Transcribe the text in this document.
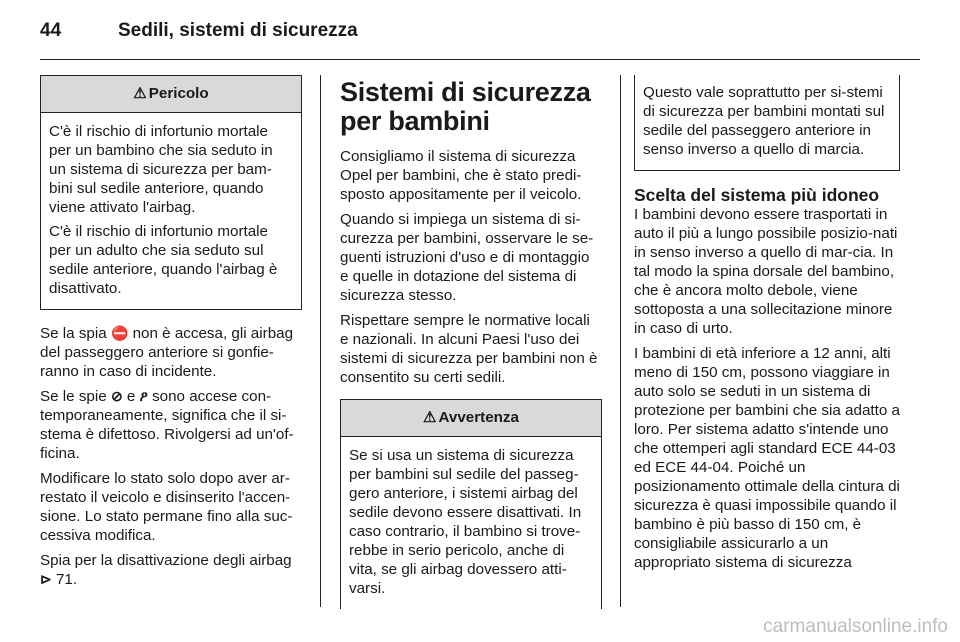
44	Sedili, sistemi di sicurezza
⚠ Pericolo

C'è il rischio di infortunio mortale per un bambino che sia seduto in un sistema di sicurezza per bam-bini sul sedile anteriore, quando viene attivato l'airbag.

C'è il rischio di infortunio mortale per un adulto che sia seduto sul sedile anteriore, quando l'airbag è disattivato.

Se la spia ⛔ non è accesa, gli airbag del passeggero anteriore si gonfie-ranno in caso di incidente.

Se le spie ⊘ e ዖ sono accese con-temporaneamente, significa che il si-stema è difettoso. Rivolgersi ad un'of-ficina.

Modificare lo stato solo dopo aver ar-restato il veicolo e disinserito l'accen-sione. Lo stato permane fino alla suc-cessiva modifica.

Spia per la disattivazione degli airbag
⊳ 71.

Sistemi di sicurezza per bambini

Consigliamo il sistema di sicurezza Opel per bambini, che è stato predi-sposto appositamente per il veicolo.

Quando si impiega un sistema di si-curezza per bambini, osservare le se-guenti istruzioni d'uso e di montaggio e quelle in dotazione del sistema di sicurezza stesso.

Rispettare sempre le normative locali e nazionali. In alcuni Paesi l'uso dei sistemi di sicurezza per bambini non è consentito su certi sedili.

⚠ Avvertenza

Se si usa un sistema di sicurezza per bambini sul sedile del passeg-gero anteriore, i sistemi airbag del sedile devono essere disattivati. In caso contrario, il bambino si trove-rebbe in serio pericolo, anche di vita, se gli airbag dovessero atti-varsi.

Questo vale soprattutto per si-stemi di sicurezza per bambini montati sul sedile del passeggero anteriore in senso inverso a quello di marcia.

Scelta del sistema più idoneo

I bambini devono essere trasportati in auto il più a lungo possibile posizio-nati in senso inverso a quello di mar-cia. In tal modo la spina dorsale del bambino, che è ancora molto debole, viene sottoposta a una sollecitazione minore in caso di urto.

I bambini di età inferiore a 12 anni, alti meno di 150 cm, possono viaggiare in auto solo se seduti in un sistema di protezione per bambini che sia adatto a loro. Per sistema adatto s'intende uno che ottemperi agli standard ECE 44-03 ed ECE 44-04. Poiché un posizionamento ottimale della cintura di sicurezza è quasi impossibile quando il bambino è più basso di 150 cm, è consigliabile assicurarlo a un appropriato sistema di sicurezza

carmanualsonline.info
